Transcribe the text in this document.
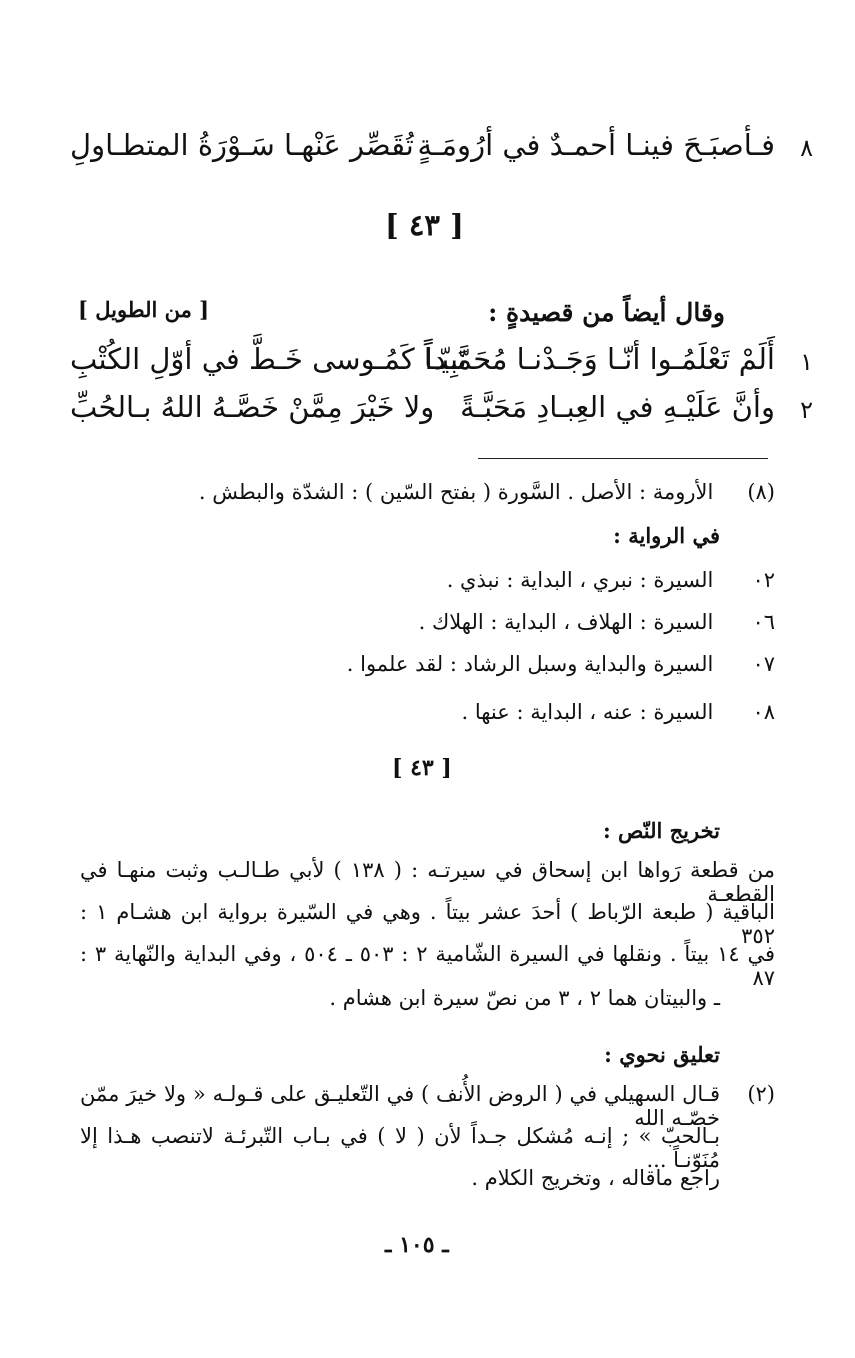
٨
فـأصبَـحَ فينـا أحمـدٌ في أرُومَـةٍ
تُقَصِّر عَنْهـا سَـوْرَةُ المتطـاولِ
[ ٤٣ ]
وقال أيضاً من قصيدةٍ :
[ من الطويل ]
١
أَلَمْ تَعْلَمُـوا أنّـا وَجَـدْنـا مُحَمَّـداً
نَبِيّـاً كَمُـوسى خَـطَّ في أوّلِ الكُتْبِ
٢
وأنَّ عَلَيْـهِ في العِبـادِ مَحَبَّـةً
ولا خَيْرَ مِمَّنْ خَصَّـهُ اللهُ بـالحُبِّ
(٨) الأرومة : الأصل . السَّورة ( بفتح السّين ) : الشدّة والبطش .
في الرواية :
٠٢ السيرة : نبري ، البداية : نبذي .
٠٦ السيرة : الهلاف ، البداية : الهلاك .
٠٧ السيرة والبداية وسبل الرشاد : لقد علموا .
٠٨ السيرة : عنه ، البداية : عنها .
[ ٤٣ ]
تخريج النّص :
من قطعة رَواها ابن إسحاق في سيرتـه : ( ١٣٨ ) لأبي طـالـب وثبت منهـا في القطعـة
الباقية ( طبعة الرّباط ) أحدَ عشر بيتاً . وهي في السّيرة برواية ابن هشـام ١ : ٣٥٢
في ١٤ بيتاً . ونقلها في السيرة الشّامية ٢ : ٥٠٣ ـ ٥٠٤ ، وفي البداية والنّهاية ٣ : ٨٧
ـ والبيتان هما ٢ ، ٣ من نصّ سيرة ابن هشام .
تعليق نحوي :
(٢)
قـال السهيلي في ( الروض الأُنف ) في التّعليـق على قـولـه « ولا خيرَ ممّن خصّـه الله
بـالحبّ » ; إنـه مُشكل جـداً لأن ( لا ) في بـاب التّبرئـة لاتنصب هـذا إلا مُنَوّنـاً ...
راجع ماقاله ، وتخريج الكلام .
ـ ١٠٥ ـ
